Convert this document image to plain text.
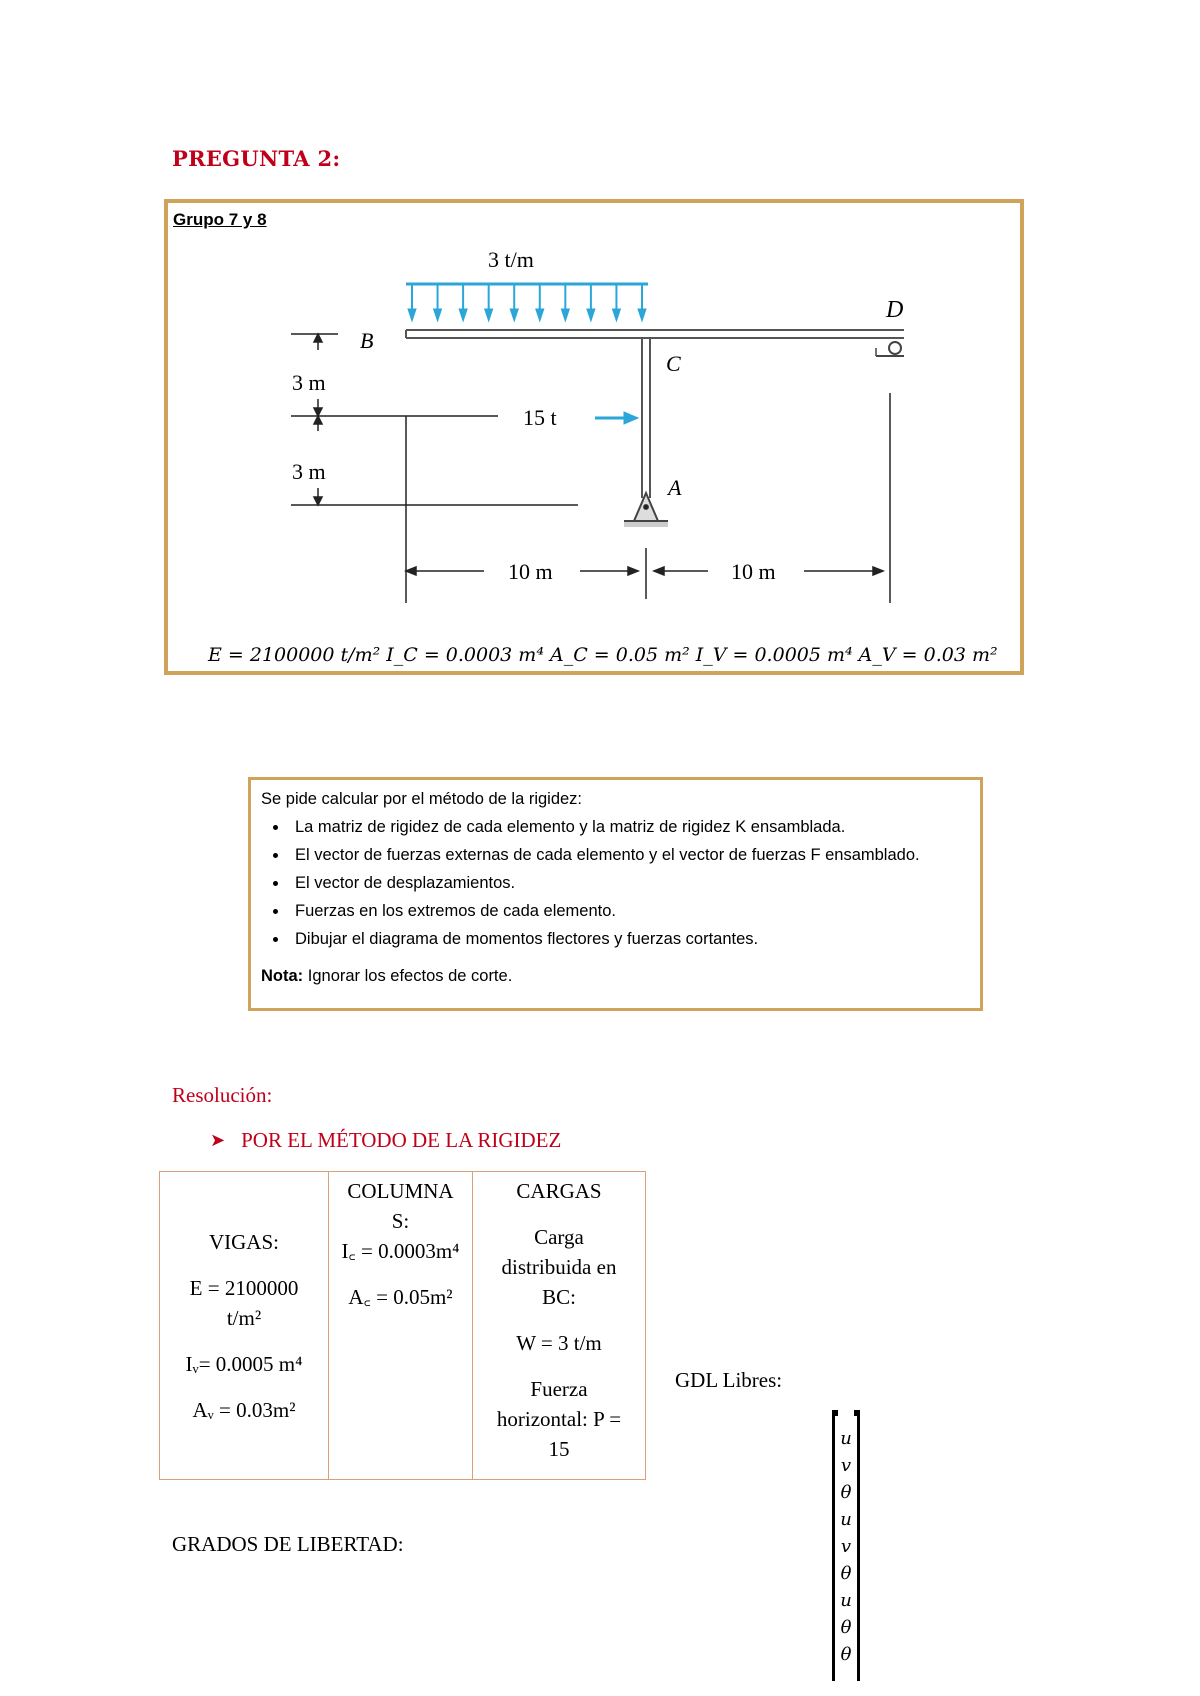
PREGUNTA 2:
Grupo 7 y 8
3 t/m
3 m
3 m
15 t
B
C
D
A
10 m	10 m
E = 2100000 t/m² I_C = 0.0003 m⁴ A_C = 0.05 m² I_V = 0.0005 m⁴ A_V = 0.03 m²

Se pide calcular por el método de la rigidez:

• La matriz de rigidez de cada elemento y la matriz de rigidez K ensamblada.
• El vector de fuerzas externas de cada elemento y el vector de fuerzas F ensamblado.
• El vector de desplazamientos.
• Fuerzas en los extremos de cada elemento.
• Dibujar el diagrama de momentos flectores y fuerzas cortantes.
Nota: Ignorar los efectos de corte.
Resolución:
➤ POR EL MÉTODO DE LA RIGIDEZ
VIGAS:
E = 2100000
t/m²
Iᵥ= 0.0005 m⁴
Aᵥ = 0.03m²

COLUMNA
S:
I꜀ = 0.0003m⁴
A꜀ = 0.05m²

CARGAS
Carga
distribuida en
BC:
W = 3 t/m
Fuerza
horizontal: P =
15
GDL Libres:
GRADOS DE LIBERTAD:
u
v
θ
u
v
θ
u
θ
θ
